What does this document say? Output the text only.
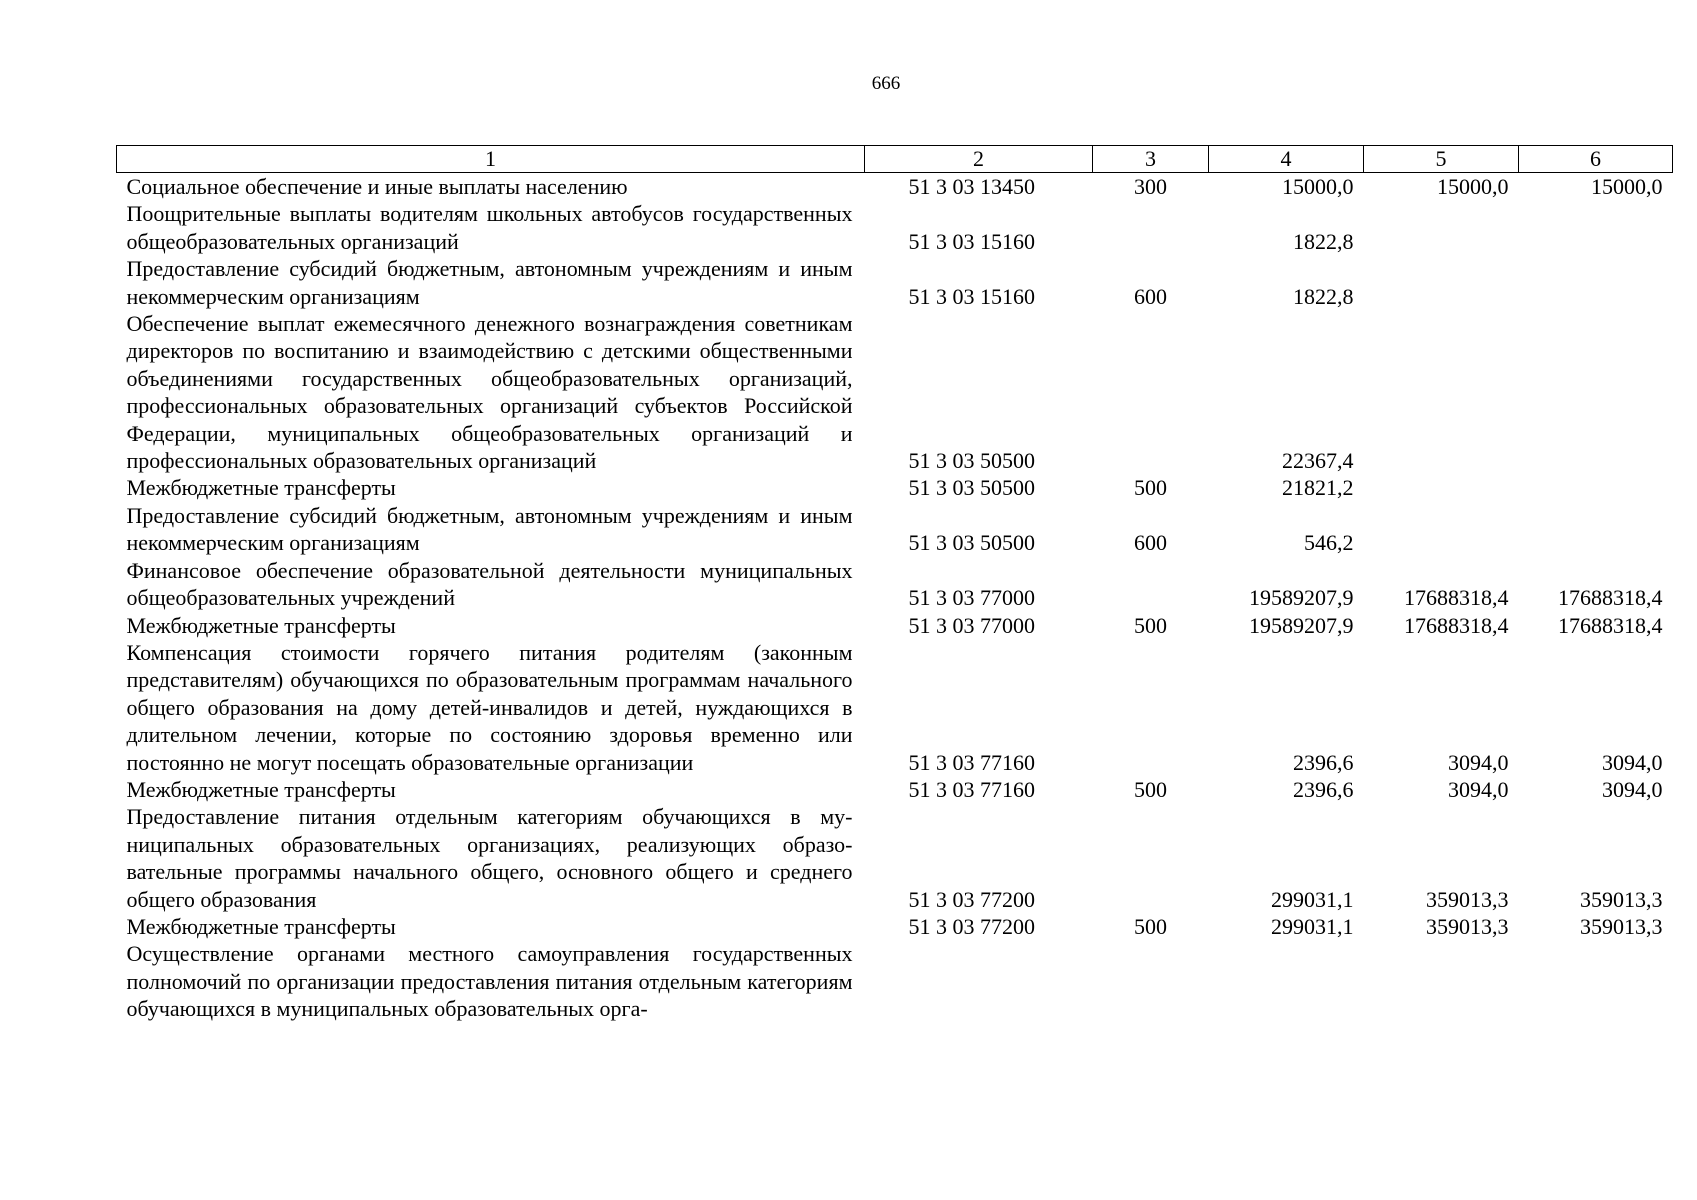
666
1	2	3	4	5	6
Социальное обеспечение и иные выплаты населению	51 3 03 13450	300	15000,0	15000,0	15000,0
Поощрительные выплаты водителям школьных автобусов государственных общеобразовательных организаций	51 3 03 15160		1822,8		
Предоставление субсидий бюджетным, автономным учреждениям и иным некоммерческим организациям	51 3 03 15160	600	1822,8		
Обеспечение выплат ежемесячного денежного вознаграждения советникам директоров по воспитанию и взаимодействию с детскими общественными объединениями государственных общеобразовательных организаций, профессиональных образовательных организаций субъектов Российской Федерации, муниципальных общеобразовательных организаций и профессиональных образовательных организаций	51 3 03 50500		22367,4		
Межбюджетные трансферты	51 3 03 50500	500	21821,2		
Предоставление субсидий бюджетным, автономным учреждениям и иным некоммерческим организациям	51 3 03 50500	600	546,2		
Финансовое обеспечение образовательной деятельности муниципальных общеобразовательных учреждений	51 3 03 77000		19589207,9	17688318,4	17688318,4
Межбюджетные трансферты	51 3 03 77000	500	19589207,9	17688318,4	17688318,4
Компенсация стоимости горячего питания родителям (законным представителям) обучающихся по образовательным программам начального общего образования на дому детей-инвалидов и детей, нуждающихся в длительном лечении, которые по состоянию здоровья временно или постоянно не могут посещать образовательные организации	51 3 03 77160		2396,6	3094,0	3094,0
Межбюджетные трансферты	51 3 03 77160	500	2396,6	3094,0	3094,0
Предоставление питания отдельным категориям обучающихся в муниципальных образовательных организациях, реализующих образовательные программы начального общего, основного общего и среднего общего образования	51 3 03 77200		299031,1	359013,3	359013,3
Межбюджетные трансферты	51 3 03 77200	500	299031,1	359013,3	359013,3
Осуществление органами местного самоуправления государственных полномочий по организации предоставления питания отдельным категориям обучающихся в муниципальных образовательных орга-					
